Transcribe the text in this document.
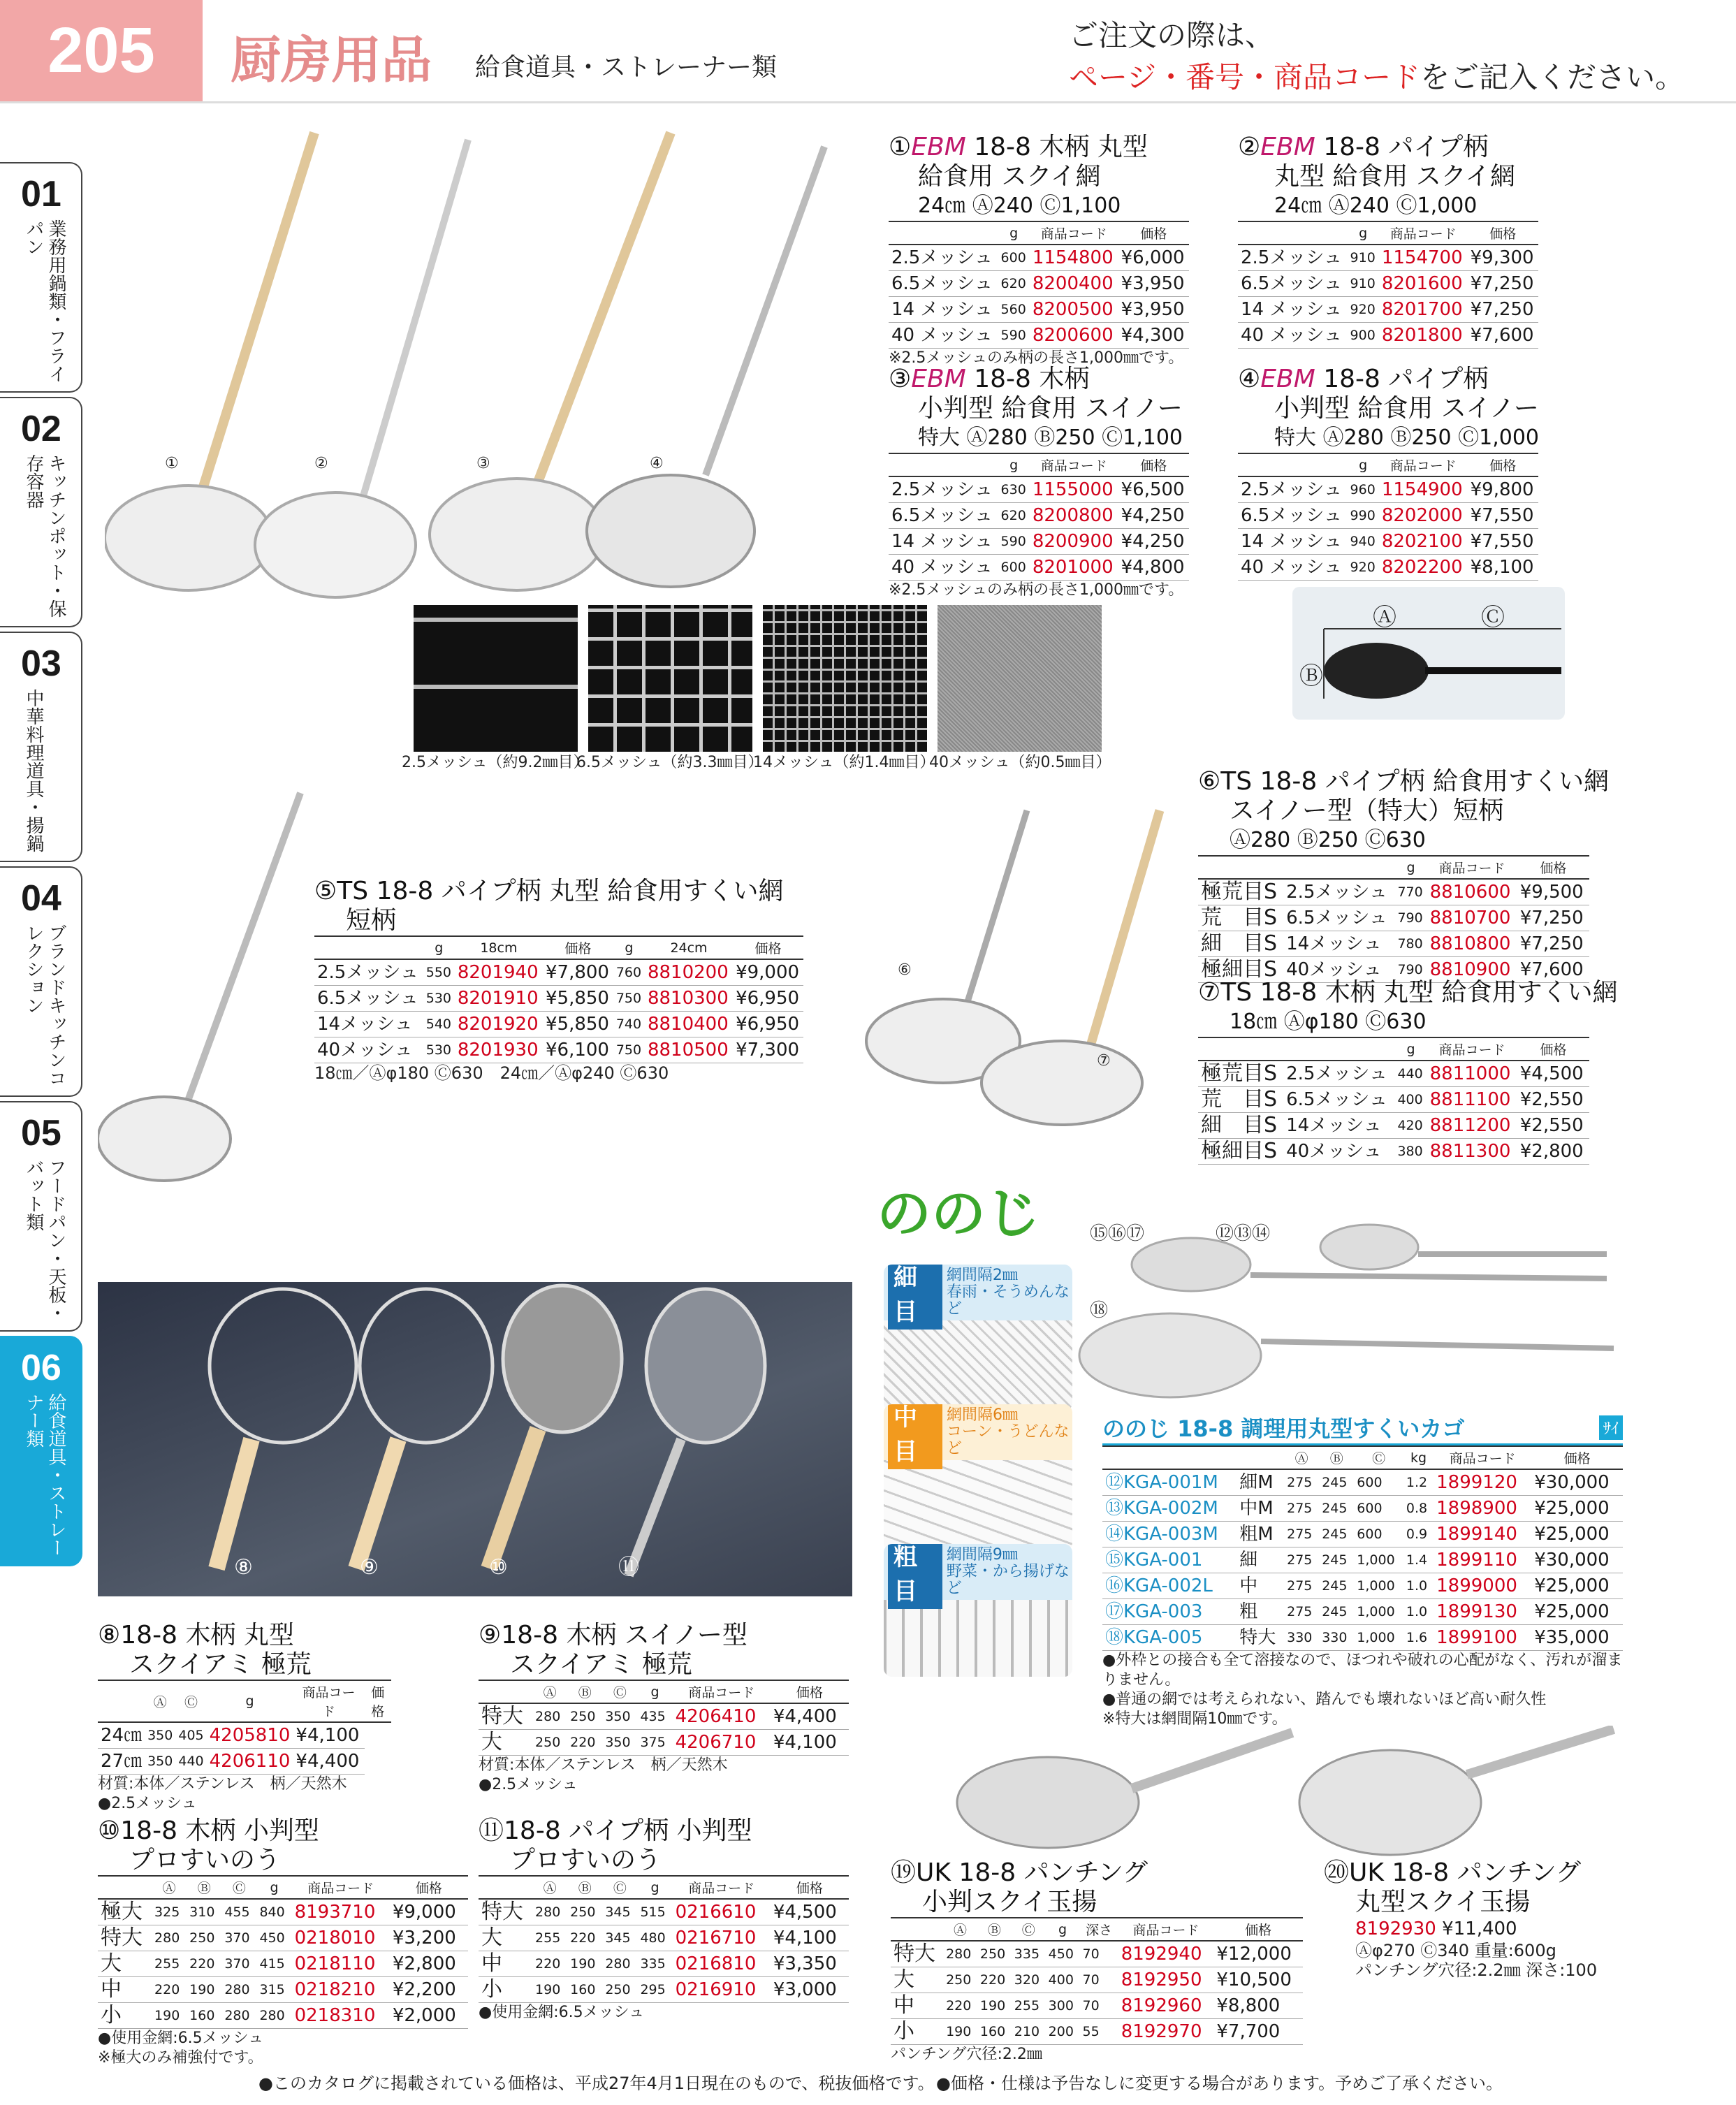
205	厨房用品 給食道具・ストレーナー類
ご注文の際は、
ページ・番号・商品コードをご記入ください。
01
業務用鍋類・フライパン
02
キッチンポット・保存容器
03
中華料理道具・揚鍋
04
ブランドキッチンコレクション
05
フードパン・天板・バット類
06
給食道具・ストレーナー類
①	②	③	④
2.5メッシュ（約9.2㎜目）
6.5メッシュ（約3.3㎜目）
14メッシュ（約1.4㎜目）
40メッシュ（約0.5㎜目）
①EBM 18-8 木柄 丸型
給食用 スクイ網
24㎝ Ⓐ240 Ⓒ1,100
	g	商品コード	価格
2.5メッシュ	600	1154800	¥6,000
6.5メッシュ	620	8200400	¥3,950
14 メッシュ	560	8200500	¥3,950
40 メッシュ	590	8200600	¥4,300
※2.5メッシュのみ柄の長さ1,000㎜です。
②EBM 18-8 パイプ柄
丸型 給食用 スクイ網
24㎝ Ⓐ240 Ⓒ1,000
	g	商品コード	価格
2.5メッシュ	910	1154700	¥9,300
6.5メッシュ	910	8201600	¥7,250
14 メッシュ	920	8201700	¥7,250
40 メッシュ	900	8201800	¥7,600
③EBM 18-8 木柄
小判型 給食用 スイノー
特大 Ⓐ280 Ⓑ250 Ⓒ1,100
	g	商品コード	価格
2.5メッシュ	630	1155000	¥6,500
6.5メッシュ	620	8200800	¥4,250
14 メッシュ	590	8200900	¥4,250
40 メッシュ	600	8201000	¥4,800
※2.5メッシュのみ柄の長さ1,000㎜です。
④EBM 18-8 パイプ柄
小判型 給食用 スイノー
特大 Ⓐ280 Ⓑ250 Ⓒ1,000
	g	商品コード	価格
2.5メッシュ	960	1154900	¥9,800
6.5メッシュ	990	8202000	¥7,550
14 メッシュ	940	8202100	¥7,550
40 メッシュ	920	8202200	¥8,100
Ⓐ	Ⓒ
Ⓑ
⑤TS 18-8 パイプ柄 丸型 給食用すくい網
短柄
	g	18cm	価格	g	24cm	価格
2.5メッシュ	550	8201940	¥7,800	760	8810200	¥9,000
6.5メッシュ	530	8201910	¥5,850	750	8810300	¥6,950
14メッシュ	540	8201920	¥5,850	740	8810400	¥6,950
40メッシュ	530	8201930	¥6,100	750	8810500	¥7,300
18㎝／Ⓐφ180 Ⓒ630　24㎝／Ⓐφ240 Ⓒ630
⑥
⑦
⑥TS 18-8 パイプ柄 給食用すくい網
スイノー型（特大）短柄
Ⓐ280 Ⓑ250 Ⓒ630
		g	商品コード	価格
極荒目S	2.5メッシュ	770	8810600	¥9,500
荒　目S	6.5メッシュ	790	8810700	¥7,250
細　目S	14メッシュ	780	8810800	¥7,250
極細目S	40メッシュ	790	8810900	¥7,600
⑦TS 18-8 木柄 丸型 給食用すくい網
18㎝ Ⓐφ180 Ⓒ630
		g	商品コード	価格
極荒目S	2.5メッシュ	440	8811000	¥4,500
荒　目S	6.5メッシュ	400	8811100	¥2,550
細　目S	14メッシュ	420	8811200	¥2,550
極細目S	40メッシュ	380	8811300	¥2,800
⑧	⑨	⑩	⑪
ののじ	⑮⑯⑰	⑫⑬⑭
⑱
細目
網間隔2㎜
春雨・そうめんなど
中目
網間隔6㎜
コーン・うどんなど
粗目
網間隔9㎜
野菜・から揚げなど
ののじ 18-8 調理用丸型すくいカゴ	ｻｲ
		Ⓐ	Ⓑ	Ⓒ	kg	商品コード	価格
⑫KGA-001M	細M	275	245	600	1.2	1899120	¥30,000
⑬KGA-002M	中M	275	245	600	0.8	1898900	¥25,000
⑭KGA-003M	粗M	275	245	600	0.9	1899140	¥25,000
⑮KGA-001	細	275	245	1,000	1.4	1899110	¥30,000
⑯KGA-002L	中	275	245	1,000	1.0	1899000	¥25,000
⑰KGA-003	粗	275	245	1,000	1.0	1899130	¥25,000
⑱KGA-005	特大	330	330	1,000	1.6	1899100	¥35,000
●外枠との接合も全て溶接なので、ほつれや破れの心配がなく、汚れが溜まりません。
●普通の網では考えられない、踏んでも壊れないほど高い耐久性
※特大は網間隔10㎜です。
⑧18-8 木柄 丸型
スクイアミ 極荒
	Ⓐ	Ⓒ	g	商品コード	価格
24㎝	350	405	4205810	¥4,100	
27㎝	350	440	4206110	¥4,400	
材質:本体／ステンレス　柄／天然木
●2.5メッシュ
⑨18-8 木柄 スイノー型
スクイアミ 極荒
	Ⓐ	Ⓑ	Ⓒ	g	商品コード	価格
特大	280	250	350	435	4206410	¥4,400
大	250	220	350	375	4206710	¥4,100
材質:本体／ステンレス　柄／天然木
●2.5メッシュ
⑩18-8 木柄 小判型
プロすいのう
	Ⓐ	Ⓑ	Ⓒ	g	商品コード	価格
極大	325	310	455	840	8193710	¥9,000
特大	280	250	370	450	0218010	¥3,200
大	255	220	370	415	0218110	¥2,800
中	220	190	280	315	0218210	¥2,200
小	190	160	280	280	0218310	¥2,000
●使用金網:6.5メッシュ
※極大のみ補強付です。
⑪18-8 パイプ柄 小判型
プロすいのう
	Ⓐ	Ⓑ	Ⓒ	g	商品コード	価格
特大	280	250	345	515	0216610	¥4,500
大	255	220	345	480	0216710	¥4,100
中	220	190	280	335	0216810	¥3,350
小	190	160	250	295	0216910	¥3,000
●使用金網:6.5メッシュ
⑲UK 18-8 パンチング
小判スクイ玉揚
	Ⓐ	Ⓑ	Ⓒ	g	深さ	商品コード	価格
特大	280	250	335	450	70	8192940	¥12,000
大	250	220	320	400	70	8192950	¥10,500
中	220	190	255	300	70	8192960	¥8,800
小	190	160	210	200	55	8192970	¥7,700
パンチング穴径:2.2㎜
⑳UK 18-8 パンチング
丸型スクイ玉揚
8192930 ¥11,400
Ⓐφ270 Ⓒ340 重量:600g
パンチング穴径:2.2㎜ 深さ:100
●このカタログに掲載されている価格は、平成27年4月1日現在のもので、税抜価格です。 ●価格・仕様は予告なしに変更する場合があります。予めご了承ください。
